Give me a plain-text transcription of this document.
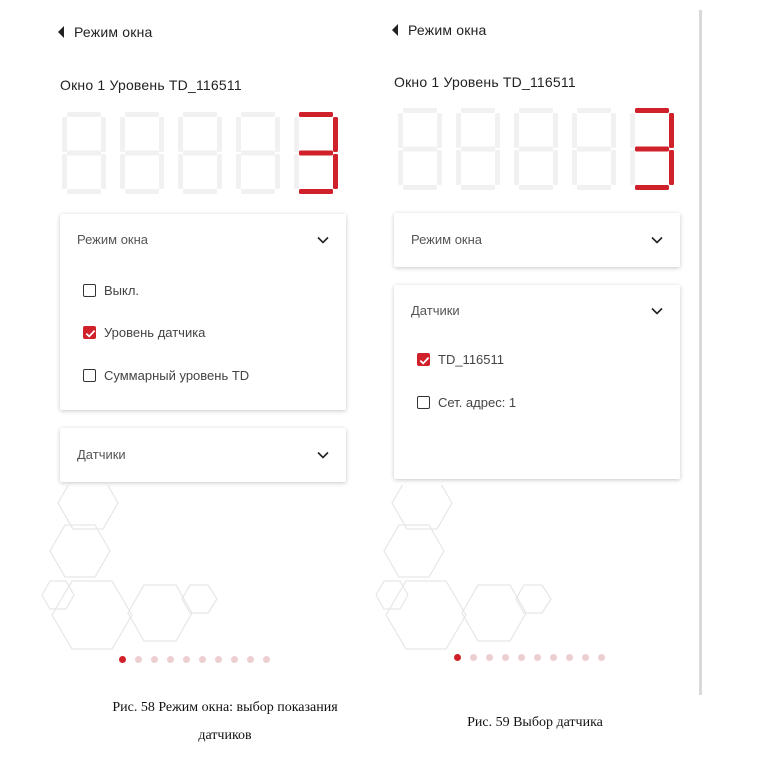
Режим окна
Окно 1 Уровень TD_116511
Режим окна
Выкл.
Уровень датчика
Суммарный уровень TD
Датчики
Рис. 58 Режим окна: выбор показания
датчиков
Режим окна
Окно 1 Уровень TD_116511
Режим окна
Датчики
TD_116511
Сет. адрес: 1
Рис. 59 Выбор датчика
